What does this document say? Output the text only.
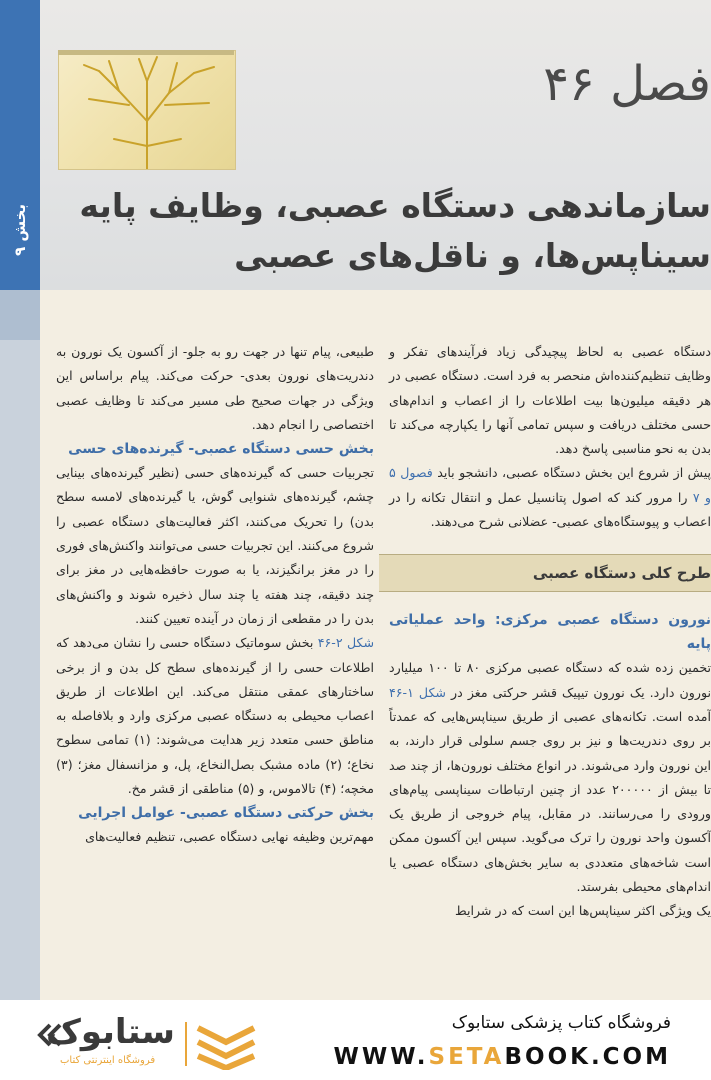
بخش ۹
فصل ۴۶
سازماندهی دستگاه عصبی، وظایف پایه
سیناپس‌ها، و ناقل‌های عصبی

طبیعی، پیام تنها در جهت رو به جلو- از آکسون یک نورون به دندریت‌های نورون بعدی- حرکت می‌کند. پیام براساس این ویژگی در جهات صحیح طی مسیر می‌کند تا وظایف عصبی اختصاصی را انجام دهد.

بخش حسی دستگاه عصبی- گیرنده‌های حسی

تجربیات حسی که گیرنده‌های حسی (نظیر گیرنده‌های بینایی چشم، گیرنده‌های شنوایی گوش، یا گیرنده‌های لامسه سطح بدن) را تحریک می‌کنند، اکثر فعالیت‌های دستگاه عصبی را شروع می‌کنند. این تجربیات حسی می‌توانند واکنش‌های فوری را در مغز برانگیزند، یا به صورت حافظه‌هایی در مغز برای چند دقیقه، چند هفته یا چند سال ذخیره شوند و واکنش‌های بدن را در مقطعی از زمان در آینده تعیین کنند.

شکل ۲-۴۶ بخش سوماتیک دستگاه حسی را نشان می‌دهد که اطلاعات حسی را از گیرنده‌های سطح کل بدن و از برخی ساختارهای عمقی منتقل می‌کند. این اطلاعات از طریق اعصاب محیطی به دستگاه عصبی مرکزی وارد و بلافاصله به مناطق حسی متعدد زیر هدایت می‌شوند: (۱) تمامی سطوح نخاع؛ (۲) ماده مشبک بصل‌النخاع، پل، و مزانسفال مغز؛ (۳) مخچه؛ (۴) تالاموس، و (۵) مناطقی از قشر مخ.

بخش حرکتی دستگاه عصبی- عوامل اجرایی

مهم‌ترین وظیفه نهایی دستگاه عصبی، تنظیم فعالیت‌های

دستگاه عصبی به لحاظ پیچیدگی زیاد فرآیندهای تفکر و وظایف تنظیم‌کننده‌اش منحصر به فرد است. دستگاه عصبی در هر دقیقه میلیون‌ها بیت اطلاعات را از اعصاب و اندام‌های حسی مختلف دریافت و سپس تمامی آنها را یکپارچه می‌کند تا بدن به نحو مناسبی پاسخ دهد.

پیش از شروع این بخش دستگاه عصبی، دانشجو باید فصول ۵ و ۷ را مرور کند که اصول پتانسیل عمل و انتقال تکانه را در اعصاب و پیوستگاه‌های عصبی- عضلانی شرح می‌دهند.

طرح کلی دستگاه عصبی

نورون دستگاه عصبی مرکزی: واحد عملیاتی پایه

تخمین زده شده که دستگاه عصبی مرکزی ۸۰ تا ۱۰۰ میلیارد نورون دارد. یک نورون تیپیک قشر حرکتی مغز در شکل ۱-۴۶ آمده است. تکانه‌های عصبی از طریق سیناپس‌هایی که عمدتاً بر روی دندریت‌ها و نیز بر روی جسم سلولی قرار دارند، به این نورون وارد می‌شوند. در انواع مختلف نورون‌ها، از چند صد تا بیش از ۲۰۰۰۰۰ عدد از چنین ارتباطات سیناپسی پیام‌های ورودی را می‌رسانند. در مقابل، پیام خروجی از طریق یک آکسون واحد نورون را ترک می‌گوید. سپس این آکسون ممکن است شاخه‌های متعددی به سایر بخش‌های دستگاه عصبی یا اندام‌های محیطی بفرستد.

یک ویژگی اکثر سیناپس‌ها این است که در شرایط

فروشگاه کتاب پزشکی ستابوک
WWW.SETABOOK.COM
ستابوک
فروشگاه اینترنتی کتاب
